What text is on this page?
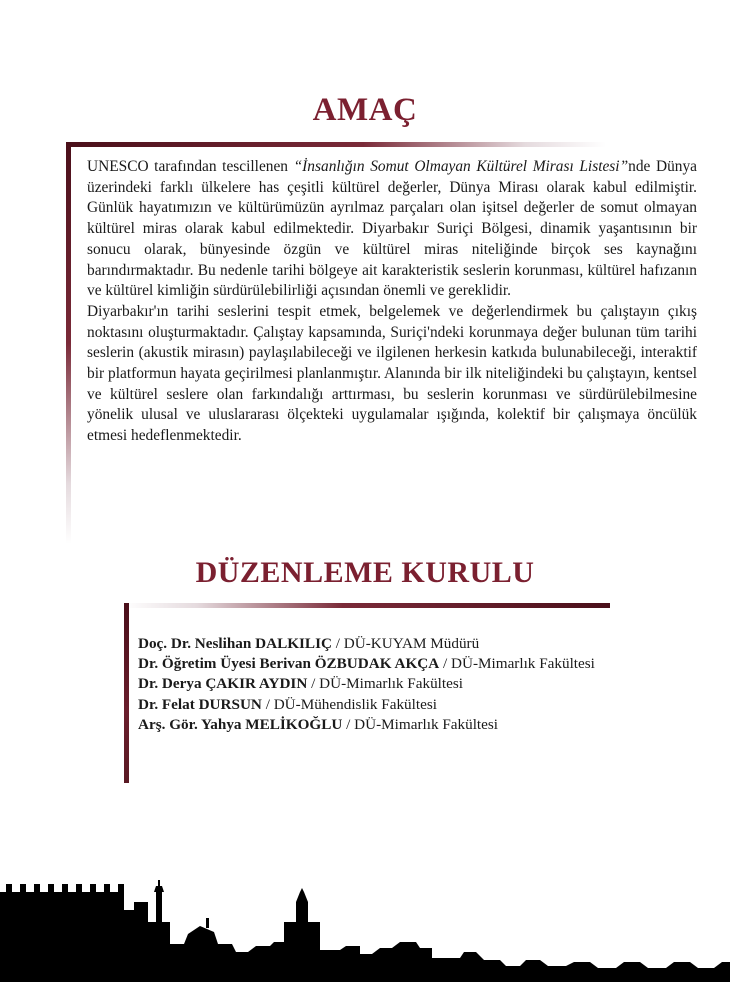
AMAÇ

UNESCO tarafından tescillenen “İnsanlığın Somut Olmayan Kültürel Mirası Listesi”nde Dünya üzerindeki farklı ülkelere has çeşitli kültürel değerler, Dünya Mirası olarak kabul edilmiştir. Günlük hayatımızın ve kültürümüzün ayrılmaz parçaları olan işitsel değerler de somut olmayan kültürel miras olarak kabul edilmektedir. Diyarbakır Suriçi Bölgesi, dinamik yaşantısının bir sonucu olarak, bünyesinde özgün ve kültürel miras niteliğinde birçok ses kaynağını barındırmaktadır. Bu nedenle tarihi bölgeye ait karakteristik seslerin korunması, kültürel hafızanın ve kültürel kimliğin sürdürülebilirliği açısından önemli ve gereklidir.

Diyarbakır'ın tarihi seslerini tespit etmek, belgelemek ve değerlendirmek bu çalıştayın çıkış noktasını oluşturmaktadır. Çalıştay kapsamında, Suriçi'ndeki korunmaya değer bulunan tüm tarihi seslerin (akustik mirasın) paylaşılabileceği ve ilgilenen herkesin katkıda bulunabileceği, interaktif bir platformun hayata geçirilmesi planlanmıştır. Alanında bir ilk niteliğindeki bu çalıştayın, kentsel ve kültürel seslere olan farkındalığı arttırması, bu seslerin korunması ve sürdürülebilmesine yönelik ulusal ve uluslararası ölçekteki uygulamalar ışığında, kolektif bir çalışmaya öncülük etmesi hedeflenmektedir.

DÜZENLEME KURULU
Doç. Dr. Neslihan DALKILIÇ / DÜ-KUYAM Müdürü
Dr. Öğretim Üyesi Berivan ÖZBUDAK AKÇA / DÜ-Mimarlık Fakültesi
Dr. Derya ÇAKIR AYDIN / DÜ-Mimarlık Fakültesi
Dr. Felat DURSUN / DÜ-Mühendislik Fakültesi
Arş. Gör. Yahya MELİKOĞLU / DÜ-Mimarlık Fakültesi
